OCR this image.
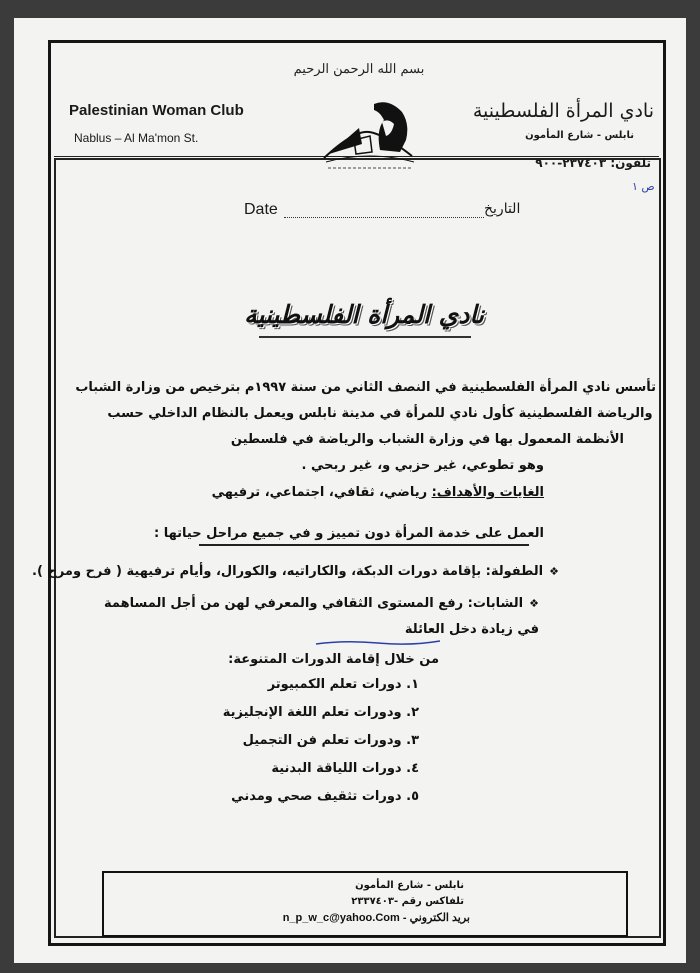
بسم الله الرحمن الرحيم
Palestinian Woman Club
Nablus – Al Ma'mon St.
نادي المرأة الفلسطينية
نابلس - شارع المأمون
تلفون: ٢٣٧٤٠٣-٩٠٠
ص ١
Date	التاريخ
نادي المرأة الفلسطينية
تأسس نادي المرأة الفلسطينية في النصف الثاني من سنة ١٩٩٧م بترخيص من وزارة الشباب
والرياضة الفلسطينية كأول نادي للمرأة في مدينة نابلس ويعمل بالنظام الداخلي حسب
الأنظمة المعمول بها في وزارة الشباب والرياضة في فلسطين
وهو تطوعي، غير حزبي و، غير ربحي .
الغايات والأهداف: رياضي، ثقافي، اجتماعي، ترفيهي
العمل على خدمة المرأة دون تمييز و في جميع مراحل حياتها :
❖الطفولة: بإقامة دورات الدبكة، والكاراتيه، والكورال، وأيام ترفيهية ( فرح ومرح ).
❖الشابات: رفع المستوى الثقافي والمعرفي لهن من أجل المساهمة
في زيادة دخل العائلة
من خلال إقامة الدورات المتنوعة:
١. دورات تعلم الكمبيوتر
٢. ودورات تعلم اللغة الإنجليزية
٣. ودورات تعلم فن التجميل
٤. دورات اللياقة البدنية
٥. دورات تثقيف صحي ومدني
نابلس - شارع المأمون
تلفاكس رقم -٢٣٣٧٤٠٣
n_p_w_c@yahoo.Com بريد الكتروني -
